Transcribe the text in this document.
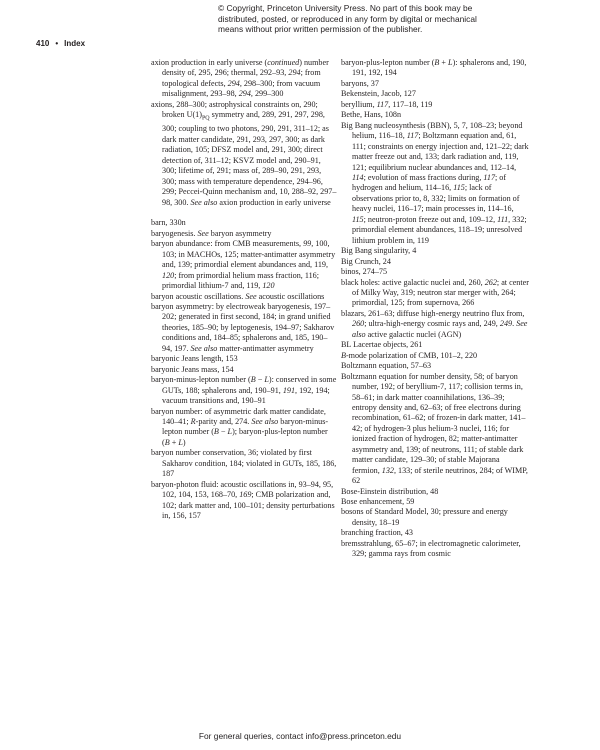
© Copyright, Princeton University Press. No part of this book may be distributed, posted, or reproduced in any form by digital or mechanical means without prior written permission of the publisher.
410 • Index

axion production in early universe (continued) number density of, 295, 296; thermal, 292–93, 294; from topological defects, 294, 298–300; from vacuum misalignment, 293–98, 294, 299–300

axions, 288–300; astrophysical constraints on, 290; broken $U(1)_{PQ}$ symmetry and, 289, 291, 297, 298, 300; coupling to two photons, 290, 291, 311–12; as dark matter candidate, 291, 293, 297, 300; as dark radiation, 105; DFSZ model and, 291, 300; direct detection of, 311–12; KSVZ model and, 290–91, 300; lifetime of, 291; mass of, 289–90, 291, 293, 300; mass with temperature dependence, 294–96, 299; Peccei-Quinn mechanism and, 10, 288–92, 297–98, 300. See also axion production in early universe

barn, 330n

baryogenesis. See baryon asymmetry

baryon abundance: from CMB measurements, 99, 100, 103; in MACHOs, 125; matter-antimatter asymmetry and, 139; primordial element abundances and, 119, 120; from primordial helium mass fraction, 116; primordial lithium-7 and, 119, 120

baryon acoustic oscillations. See acoustic oscillations

baryon asymmetry: by electroweak baryogenesis, 197–202; generated in first second, 184; in grand unified theories, 185–90; by leptogenesis, 194–97; Sakharov conditions and, 184–85; sphalerons and, 185, 190–94, 197. See also matter-antimatter asymmetry

baryonic Jeans length, 153

baryonic Jeans mass, 154

baryon-minus-lepton number (B − L): conserved in some GUTs, 188; sphalerons and, 190–91, 191, 192, 194; vacuum transitions and, 190–91

baryon number: of asymmetric dark matter candidate, 140–41; R-parity and, 274. See also baryon-minus-lepton number (B − L); baryon-plus-lepton number (B + L)

baryon number conservation, 36; violated by first Sakharov condition, 184; violated in GUTs, 185, 186, 187

baryon-photon fluid: acoustic oscillations in, 93–94, 95, 102, 104, 153, 168–70, 169; CMB polarization and, 102; dark matter and, 100–101; density perturbations in, 156, 157

baryon-plus-lepton number (B + L): sphalerons and, 190, 191, 192, 194

baryons, 37

Bekenstein, Jacob, 127

beryllium, 117, 117–18, 119

Bethe, Hans, 108n

Big Bang nucleosynthesis (BBN), 5, 7, 108–23; beyond helium, 116–18, 117; Boltzmann equation and, 61, 111; constraints on energy injection and, 121–22; dark matter freeze out and, 133; dark radiation and, 119, 121; equilibrium nuclear abundances and, 112–14, 114; evolution of mass fractions during, 117; of hydrogen and helium, 114–16, 115; lack of observations prior to, 8, 332; limits on formation of heavy nuclei, 116–17; main processes in, 114–16, 115; neutron-proton freeze out and, 109–12, 111, 332; primordial element abundances, 118–19; unresolved lithium problem in, 119

Big Bang singularity, 4

Big Crunch, 24

binos, 274–75

black holes: active galactic nuclei and, 260, 262; at center of Milky Way, 319; neutron star merger with, 264; primordial, 125; from supernova, 266

blazars, 261–63; diffuse high-energy neutrino flux from, 260; ultra-high-energy cosmic rays and, 249, 249. See also active galactic nuclei (AGN)

BL Lacertae objects, 261

B-mode polarization of CMB, 101–2, 220

Boltzmann equation, 57–63

Boltzmann equation for number density, 58; of baryon number, 192; of beryllium-7, 117; collision terms in, 58–61; in dark matter coannihilations, 136–39; entropy density and, 62–63; of free electrons during recombination, 61–62; of frozen-in dark matter, 141–42; of hydrogen-3 plus helium-3 nuclei, 116; for ionized fraction of hydrogen, 82; matter-antimatter asymmetry and, 139; of neutrons, 111; of stable dark matter candidate, 129–30; of stable Majorana fermion, 132, 133; of sterile neutrinos, 284; of WIMP, 62

Bose-Einstein distribution, 48

Bose enhancement, 59

bosons of Standard Model, 30; pressure and energy density, 18–19

branching fraction, 43

bremsstrahlung, 65–67; in electromagnetic calorimeter, 329; gamma rays from cosmic

For general queries, contact info@press.princeton.edu
